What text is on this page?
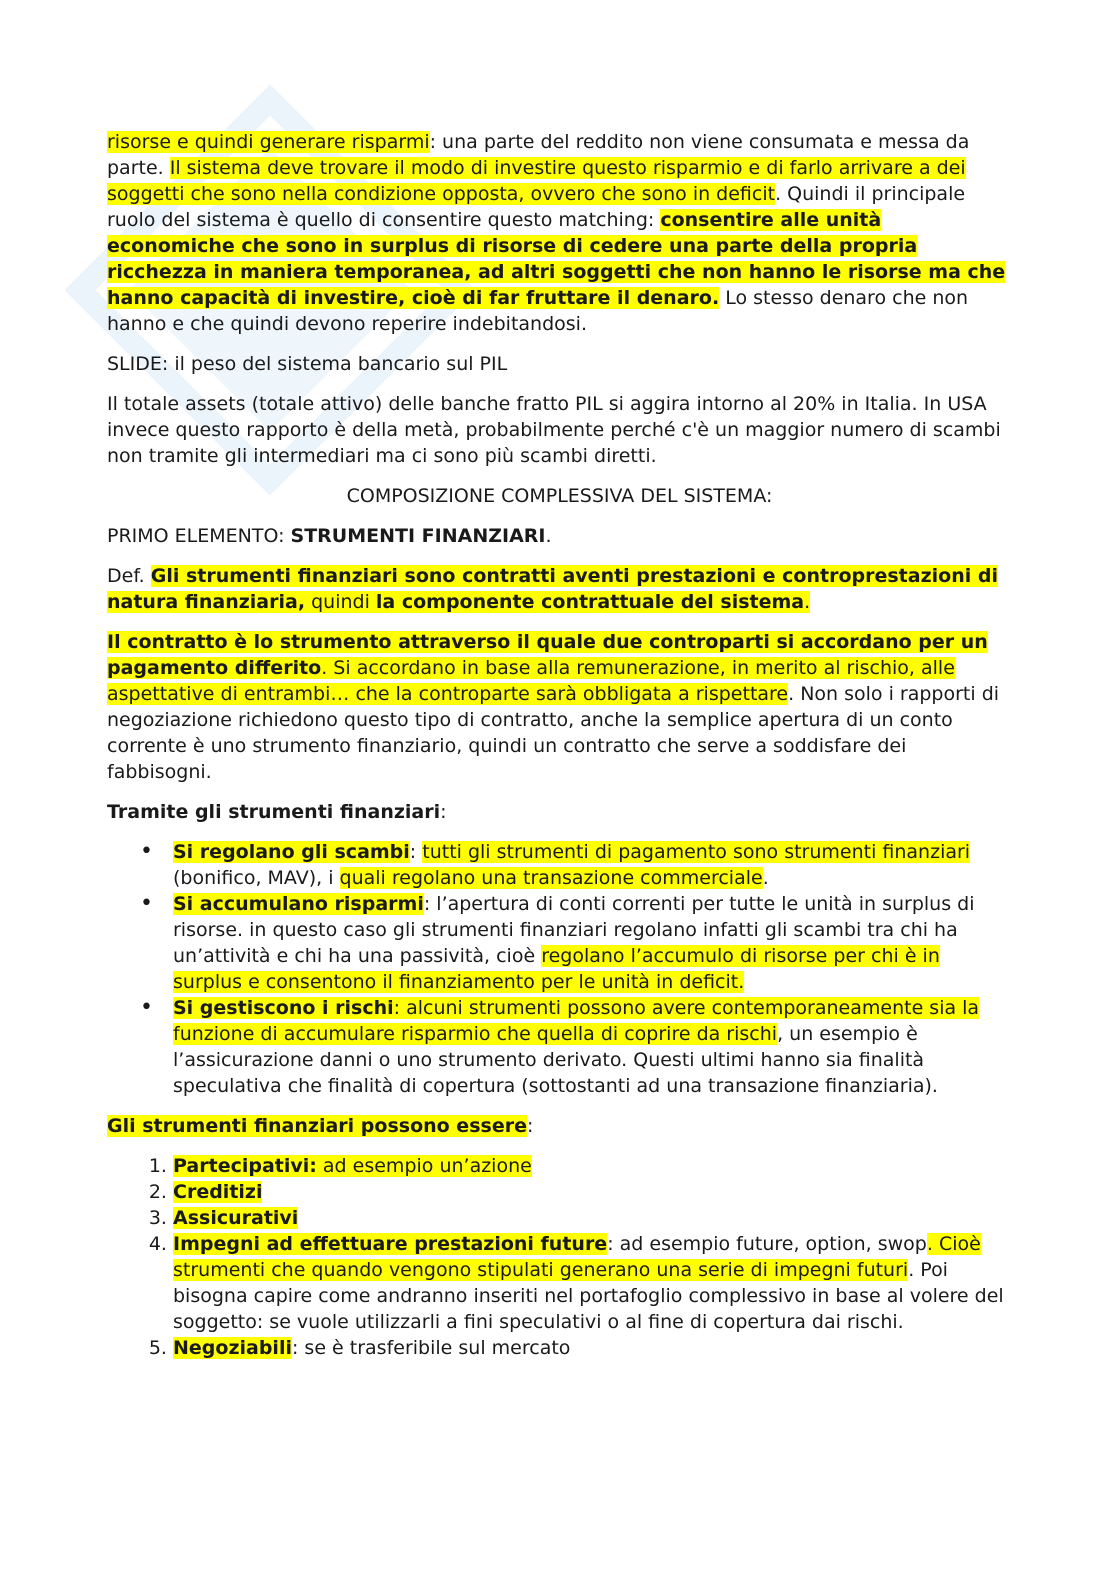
risorse e quindi generare risparmi: una parte del reddito non viene consumata e messa da parte. Il sistema deve trovare il modo di investire questo risparmio e di farlo arrivare a dei soggetti che sono nella condizione opposta, ovvero che sono in deficit. Quindi il principale ruolo del sistema è quello di consentire questo matching: consentire alle unità economiche che sono in surplus di risorse di cedere una parte della propria ricchezza in maniera temporanea, ad altri soggetti che non hanno le risorse ma che hanno capacità di investire, cioè di far fruttare il denaro. Lo stesso denaro che non hanno e che quindi devono reperire indebitandosi.

SLIDE: il peso del sistema bancario sul PIL

Il totale assets (totale attivo) delle banche fratto PIL si aggira intorno al 20% in Italia. In USA invece questo rapporto è della metà, probabilmente perché c'è un maggior numero di scambi non tramite gli intermediari ma ci sono più scambi diretti.

COMPOSIZIONE COMPLESSIVA DEL SISTEMA:

PRIMO ELEMENTO: STRUMENTI FINANZIARI.

Def. Gli strumenti finanziari sono contratti aventi prestazioni e controprestazioni di natura finanziaria, quindi la componente contrattuale del sistema.

Il contratto è lo strumento attraverso il quale due controparti si accordano per un pagamento differito. Si accordano in base alla remunerazione, in merito al rischio, alle aspettative di entrambi… che la controparte sarà obbligata a rispettare. Non solo i rapporti di negoziazione richiedono questo tipo di contratto, anche la semplice apertura di un conto corrente è uno strumento finanziario, quindi un contratto che serve a soddisfare dei fabbisogni.

Tramite gli strumenti finanziari:

• Si regolano gli scambi: tutti gli strumenti di pagamento sono strumenti finanziari (bonifico, MAV), i quali regolano una transazione commerciale.
• Si accumulano risparmi: l’apertura di conti correnti per tutte le unità in surplus di risorse. in questo caso gli strumenti finanziari regolano infatti gli scambi tra chi ha un’attività e chi ha una passività, cioè regolano l’accumulo di risorse per chi è in surplus e consentono il finanziamento per le unità in deficit.
• Si gestiscono i rischi: alcuni strumenti possono avere contemporaneamente sia la funzione di accumulare risparmio che quella di coprire da rischi, un esempio è l’assicurazione danni o uno strumento derivato. Questi ultimi hanno sia finalità speculativa che finalità di copertura (sottostanti ad una transazione finanziaria).

Gli strumenti finanziari possono essere:

1. Partecipativi: ad esempio un’azione
2. Creditizi
3. Assicurativi
4. Impegni ad effettuare prestazioni future: ad esempio future, option, swop. Cioè strumenti che quando vengono stipulati generano una serie di impegni futuri. Poi bisogna capire come andranno inseriti nel portafoglio complessivo in base al volere del soggetto: se vuole utilizzarli a fini speculativi o al fine di copertura dai rischi.
5. Negoziabili: se è trasferibile sul mercato
